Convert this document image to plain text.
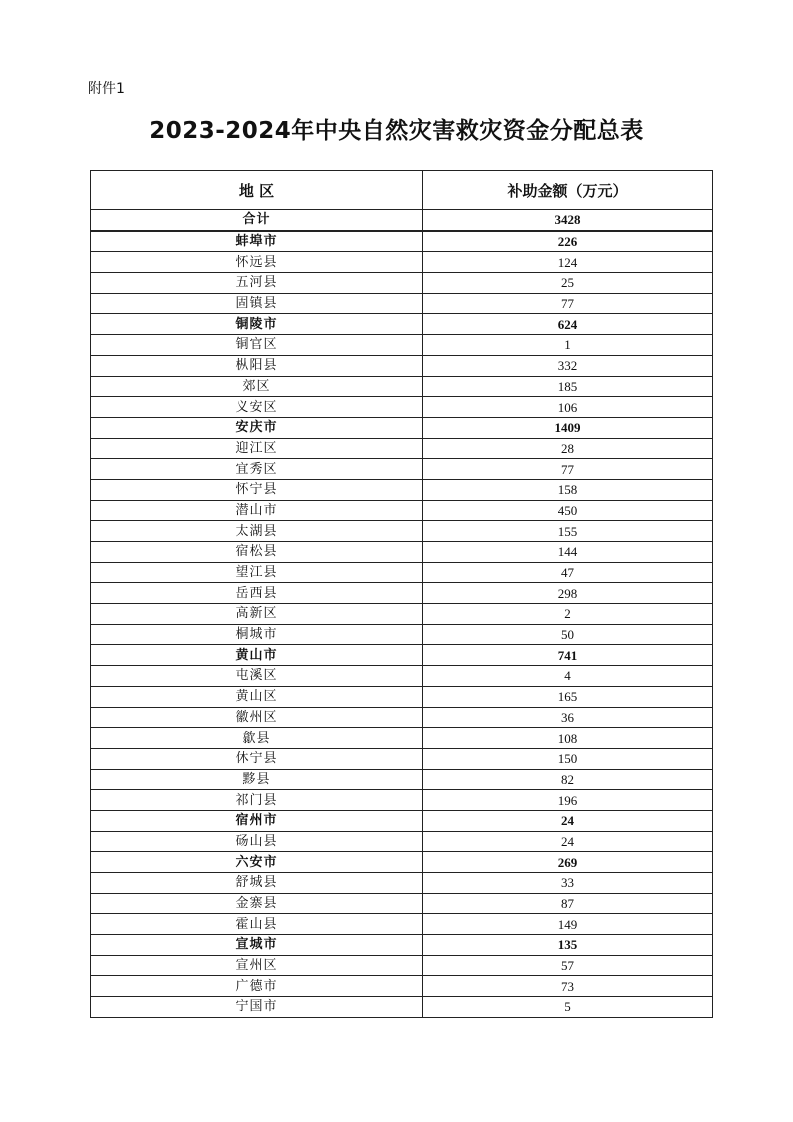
附件1
2023-2024年中央自然灾害救灾资金分配总表
地 区	补助金额（万元）
合计	3428
蚌埠市	226
怀远县	124
五河县	25
固镇县	77
铜陵市	624
铜官区	1
枞阳县	332
郊区	185
义安区	106
安庆市	1409
迎江区	28
宜秀区	77
怀宁县	158
潜山市	450
太湖县	155
宿松县	144
望江县	47
岳西县	298
高新区	2
桐城市	50
黄山市	741
屯溪区	4
黄山区	165
徽州区	36
歙县	108
休宁县	150
黟县	82
祁门县	196
宿州市	24
砀山县	24
六安市	269
舒城县	33
金寨县	87
霍山县	149
宣城市	135
宣州区	57
广德市	73
宁国市	5
